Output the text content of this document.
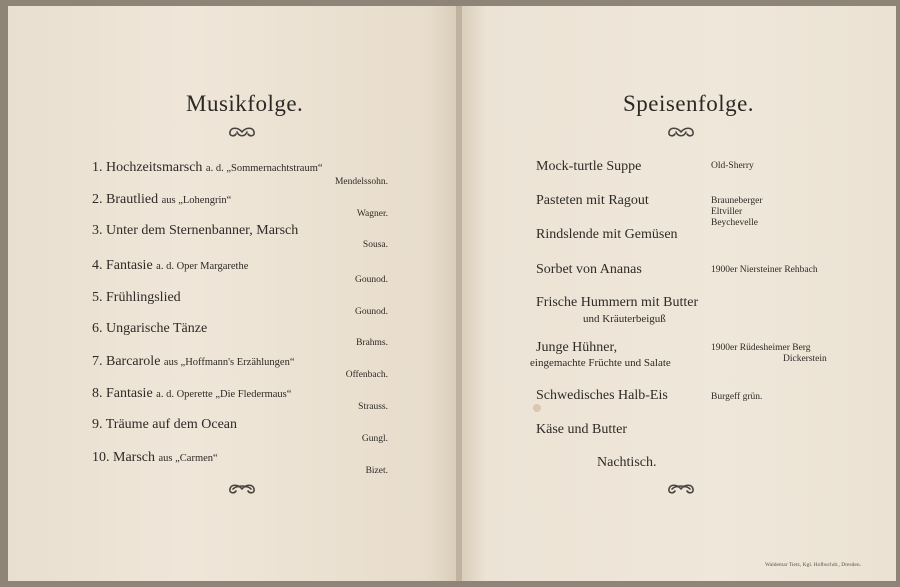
Musikfolge.
1. Hochzeitsmarsch a. d. „Sommernachtstraum“
Mendelssohn.
2. Brautlied aus „Lohengrin“
Wagner.
3. Unter dem Sternenbanner, Marsch
Sousa.
4. Fantasie a. d. Oper Margarethe
Gounod.
5. Frühlingslied
Gounod.
6. Ungarische Tänze
Brahms.
7. Barcarole aus „Hoffmann's Erzählungen“
Offenbach.
8. Fantasie a. d. Operette „Die Fledermaus“
Strauss.
9. Träume auf dem Ocean
Gungl.
10. Marsch aus „Carmen“
Bizet.
Speisenfolge.
Mock-turtle Suppe
Pasteten mit Ragout
Rindslende mit Gemüsen
Sorbet von Ananas
Frische Hummern mit Butter
und Kräuterbeiguß
Junge Hühner,
eingemachte Früchte und Salate
Schwedisches Halb-Eis
Käse und Butter
Nachtisch.
Old-Sherry
Brauneberger
Eltviller
Beychevelle
1900er Niersteiner Rehbach
1900er Rüdesheimer Berg
Dickerstein
Burgeff grün.
Waldemar Tietz, Kgl. Hofbuchdr., Dresden.
